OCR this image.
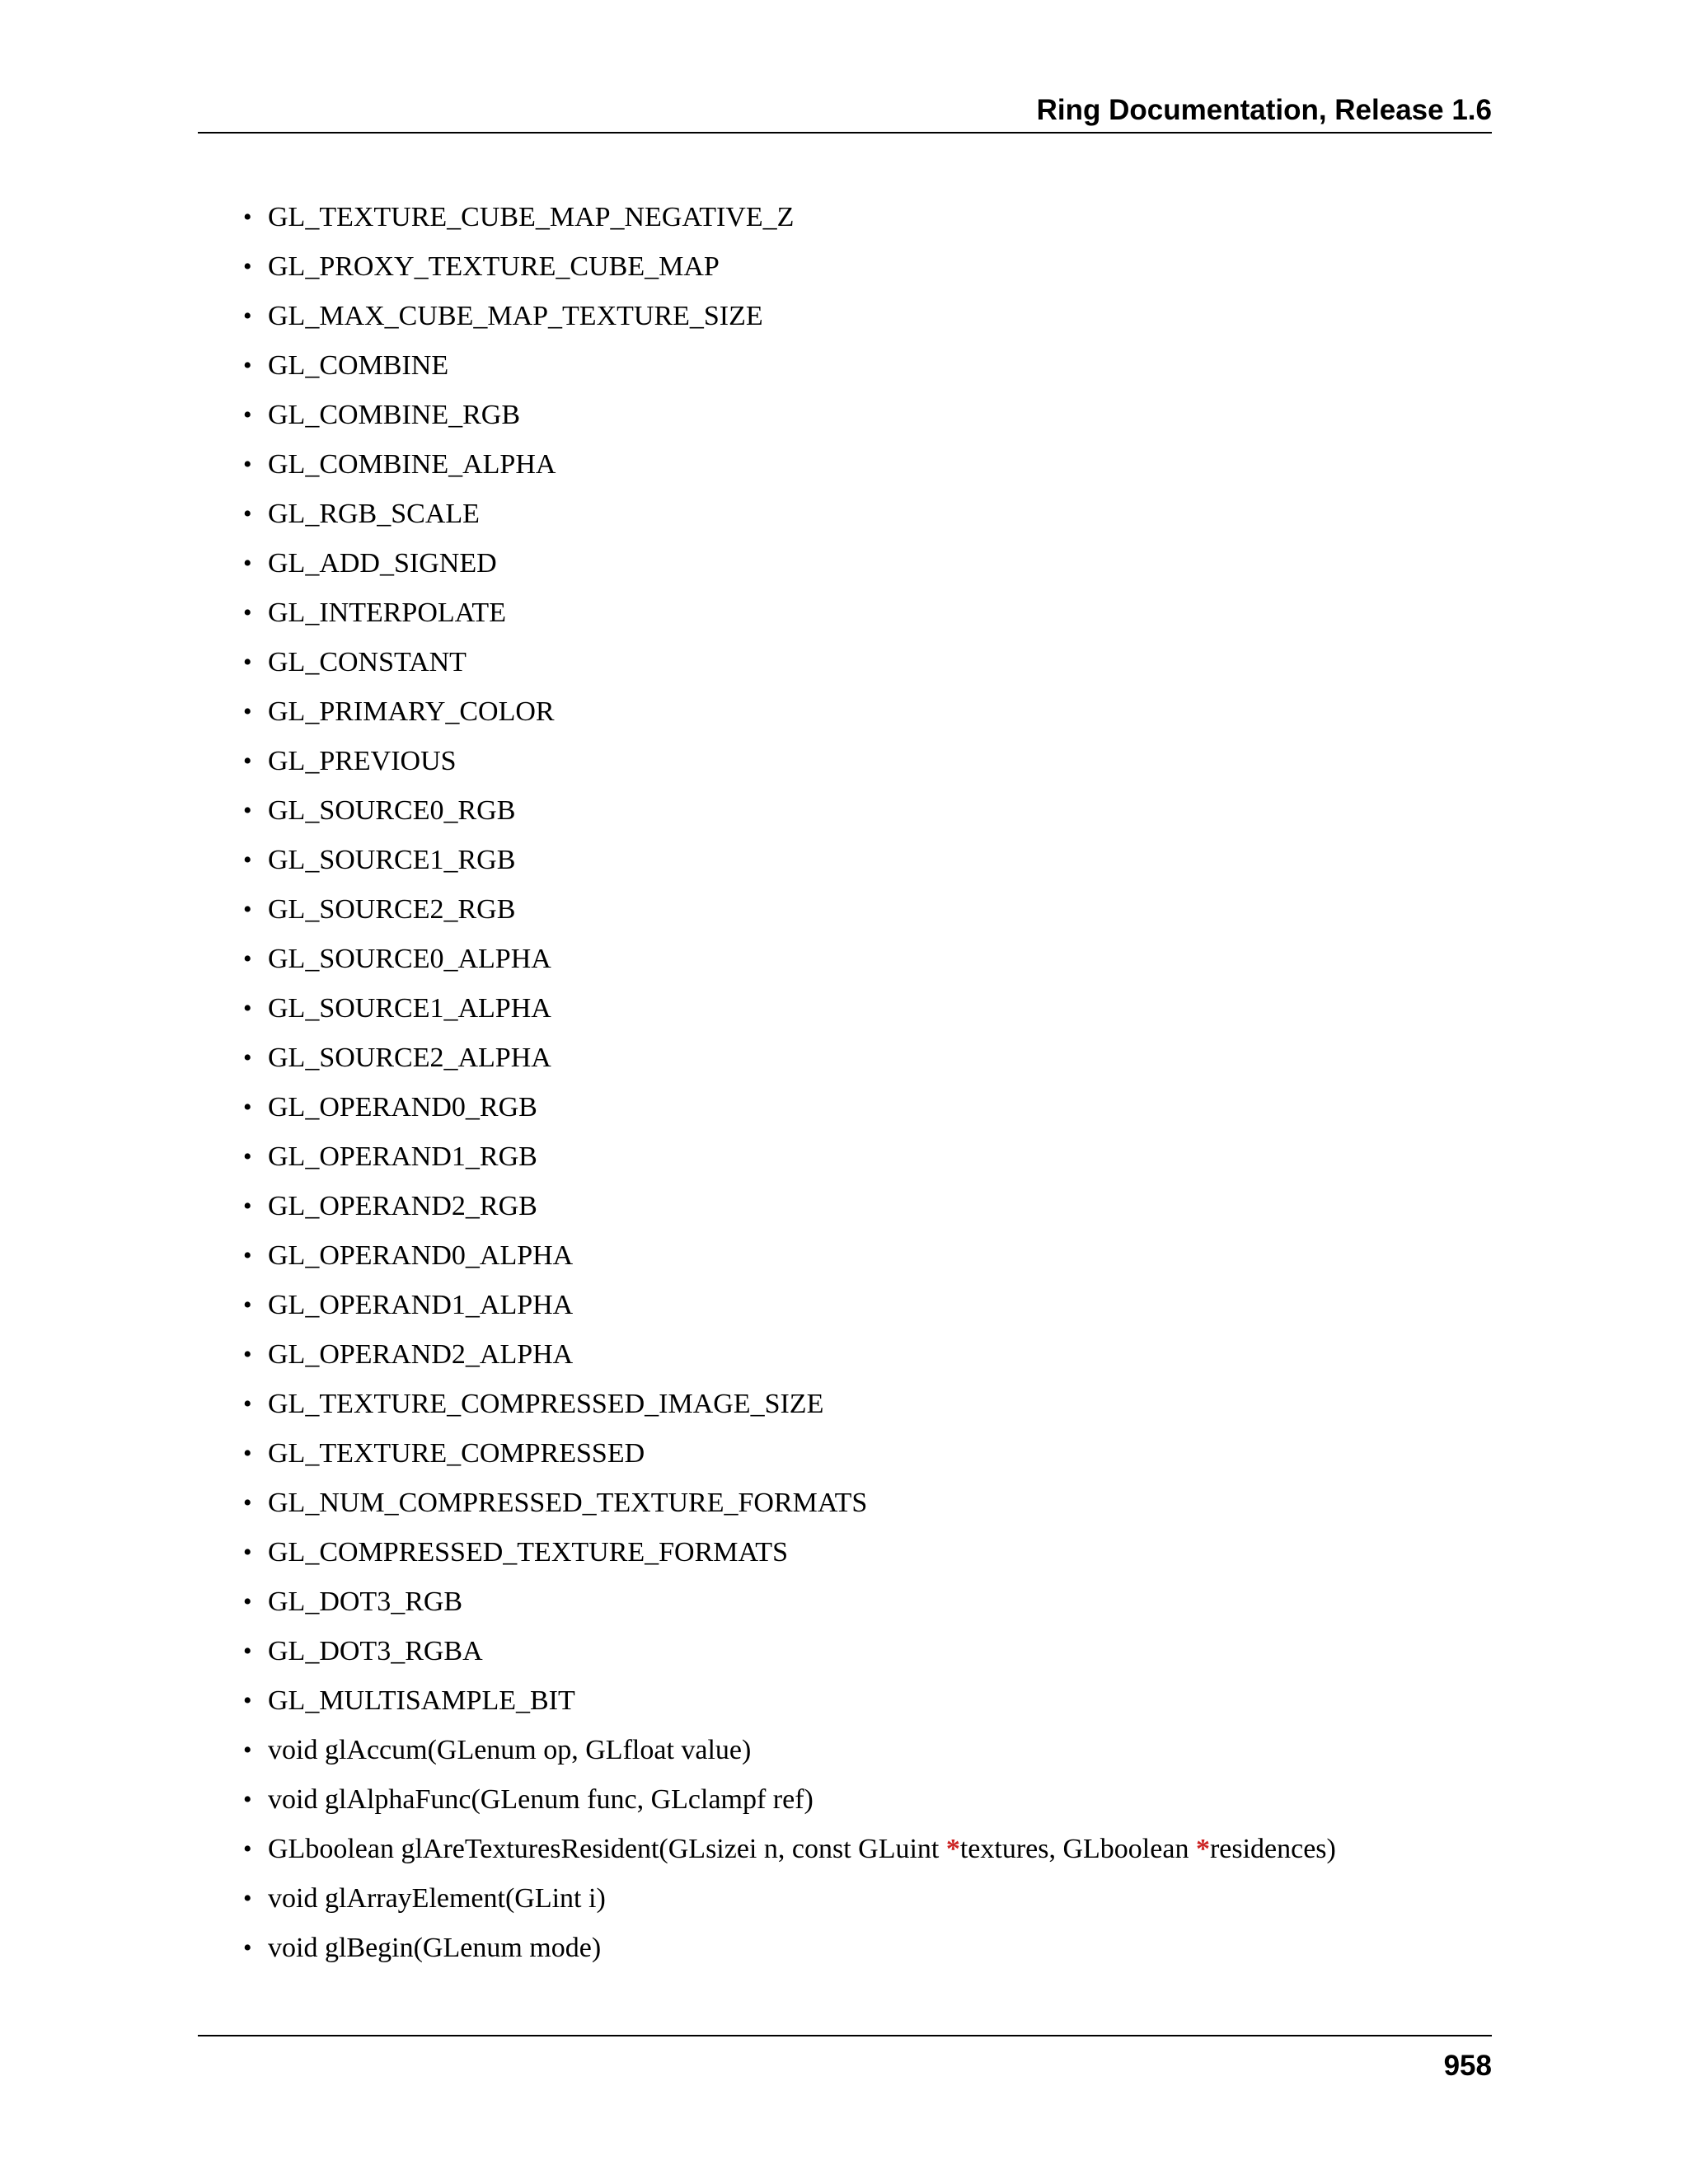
Ring Documentation, Release 1.6
• GL_TEXTURE_CUBE_MAP_NEGATIVE_Z
• GL_PROXY_TEXTURE_CUBE_MAP
• GL_MAX_CUBE_MAP_TEXTURE_SIZE
• GL_COMBINE
• GL_COMBINE_RGB
• GL_COMBINE_ALPHA
• GL_RGB_SCALE
• GL_ADD_SIGNED
• GL_INTERPOLATE
• GL_CONSTANT
• GL_PRIMARY_COLOR
• GL_PREVIOUS
• GL_SOURCE0_RGB
• GL_SOURCE1_RGB
• GL_SOURCE2_RGB
• GL_SOURCE0_ALPHA
• GL_SOURCE1_ALPHA
• GL_SOURCE2_ALPHA
• GL_OPERAND0_RGB
• GL_OPERAND1_RGB
• GL_OPERAND2_RGB
• GL_OPERAND0_ALPHA
• GL_OPERAND1_ALPHA
• GL_OPERAND2_ALPHA
• GL_TEXTURE_COMPRESSED_IMAGE_SIZE
• GL_TEXTURE_COMPRESSED
• GL_NUM_COMPRESSED_TEXTURE_FORMATS
• GL_COMPRESSED_TEXTURE_FORMATS
• GL_DOT3_RGB
• GL_DOT3_RGBA
• GL_MULTISAMPLE_BIT
• void glAccum(GLenum op, GLfloat value)
• void glAlphaFunc(GLenum func, GLclampf ref)
• GLboolean glAreTexturesResident(GLsizei n, const GLuint *textures, GLboolean *residences)
• void glArrayElement(GLint i)
• void glBegin(GLenum mode)
958
